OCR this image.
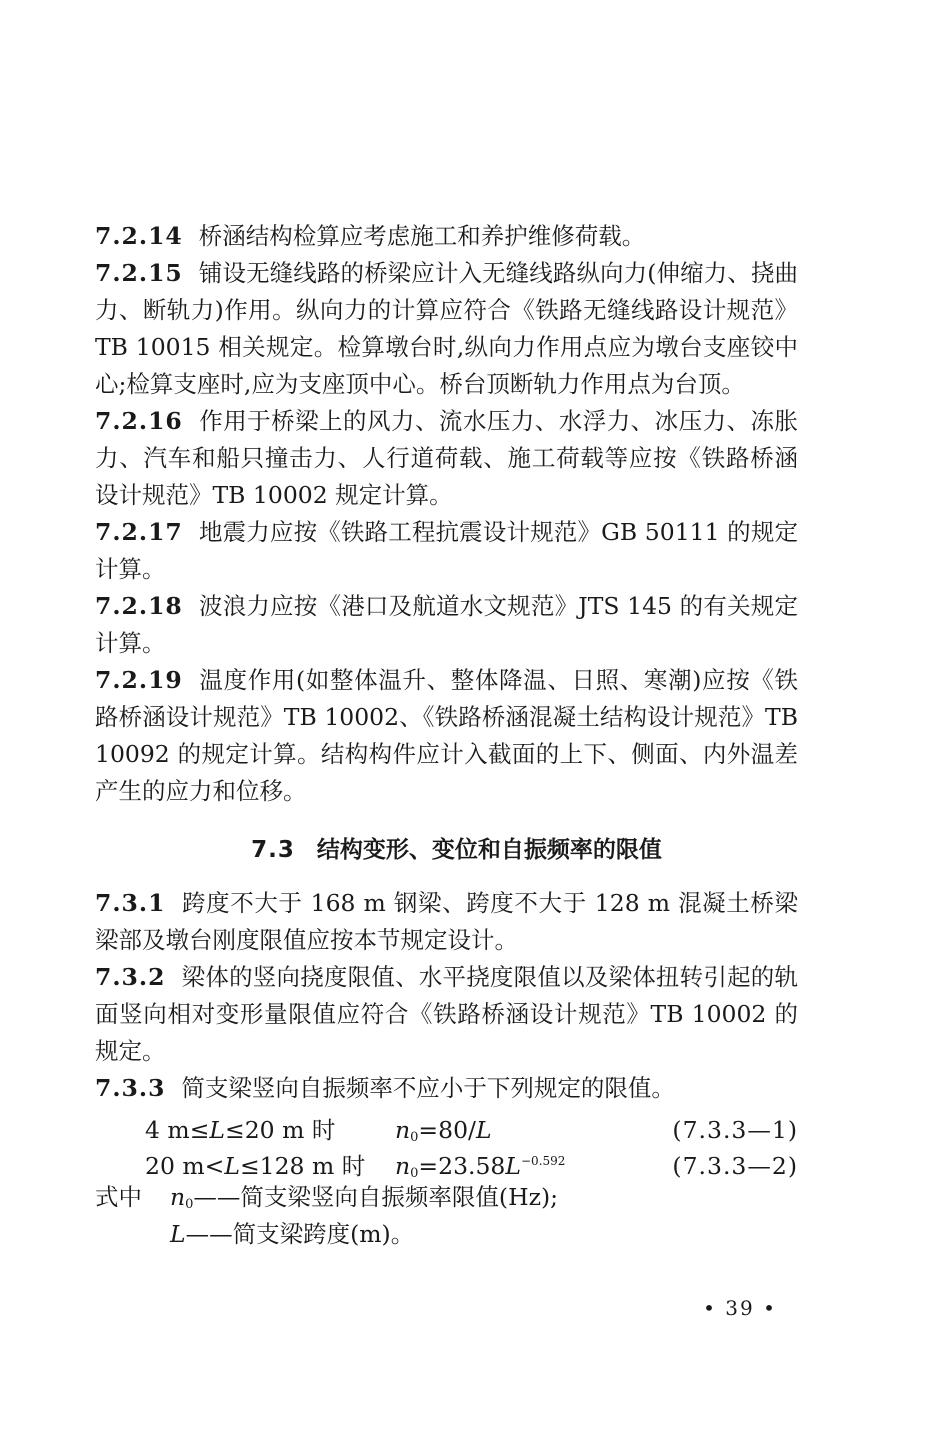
7.2.14 桥涵结构检算应考虑施工和养护维修荷载。

7.2.15 铺设无缝线路的桥梁应计入无缝线路纵向力(伸缩力、挠曲力、断轨力)作用。纵向力的计算应符合《铁路无缝线路设计规范》TB 10015 相关规定。检算墩台时,纵向力作用点应为墩台支座铰中心;检算支座时,应为支座顶中心。桥台顶断轨力作用点为台顶。

7.2.16 作用于桥梁上的风力、流水压力、水浮力、冰压力、冻胀力、汽车和船只撞击力、人行道荷载、施工荷载等应按《铁路桥涵设计规范》TB 10002 规定计算。

7.2.17 地震力应按《铁路工程抗震设计规范》GB 50111 的规定计算。

7.2.18 波浪力应按《港口及航道水文规范》JTS 145 的有关规定计算。

7.2.19 温度作用(如整体温升、整体降温、日照、寒潮)应按《铁路桥涵设计规范》TB 10002、《铁路桥涵混凝土结构设计规范》TB 10092 的规定计算。结构构件应计入截面的上下、侧面、内外温差产生的应力和位移。

7.3 结构变形、变位和自振频率的限值

7.3.1 跨度不大于 168 m 钢梁、跨度不大于 128 m 混凝土桥梁梁部及墩台刚度限值应按本节规定设计。

7.3.2 梁体的竖向挠度限值、水平挠度限值以及梁体扭转引起的轨面竖向相对变形量限值应符合《铁路桥涵设计规范》TB 10002 的规定。

7.3.3 简支梁竖向自振频率不应小于下列规定的限值。

4 m≤L≤20 m 时	$n_0=80/L$	(7.3.3—1)
20 m<L≤128 m 时	$n_0=23.58L^{-0.592}$	(7.3.3—2)
式中	$n_0——$简支梁竖向自振频率限值(Hz);
L——简支梁跨度(m)。
• 39 •
